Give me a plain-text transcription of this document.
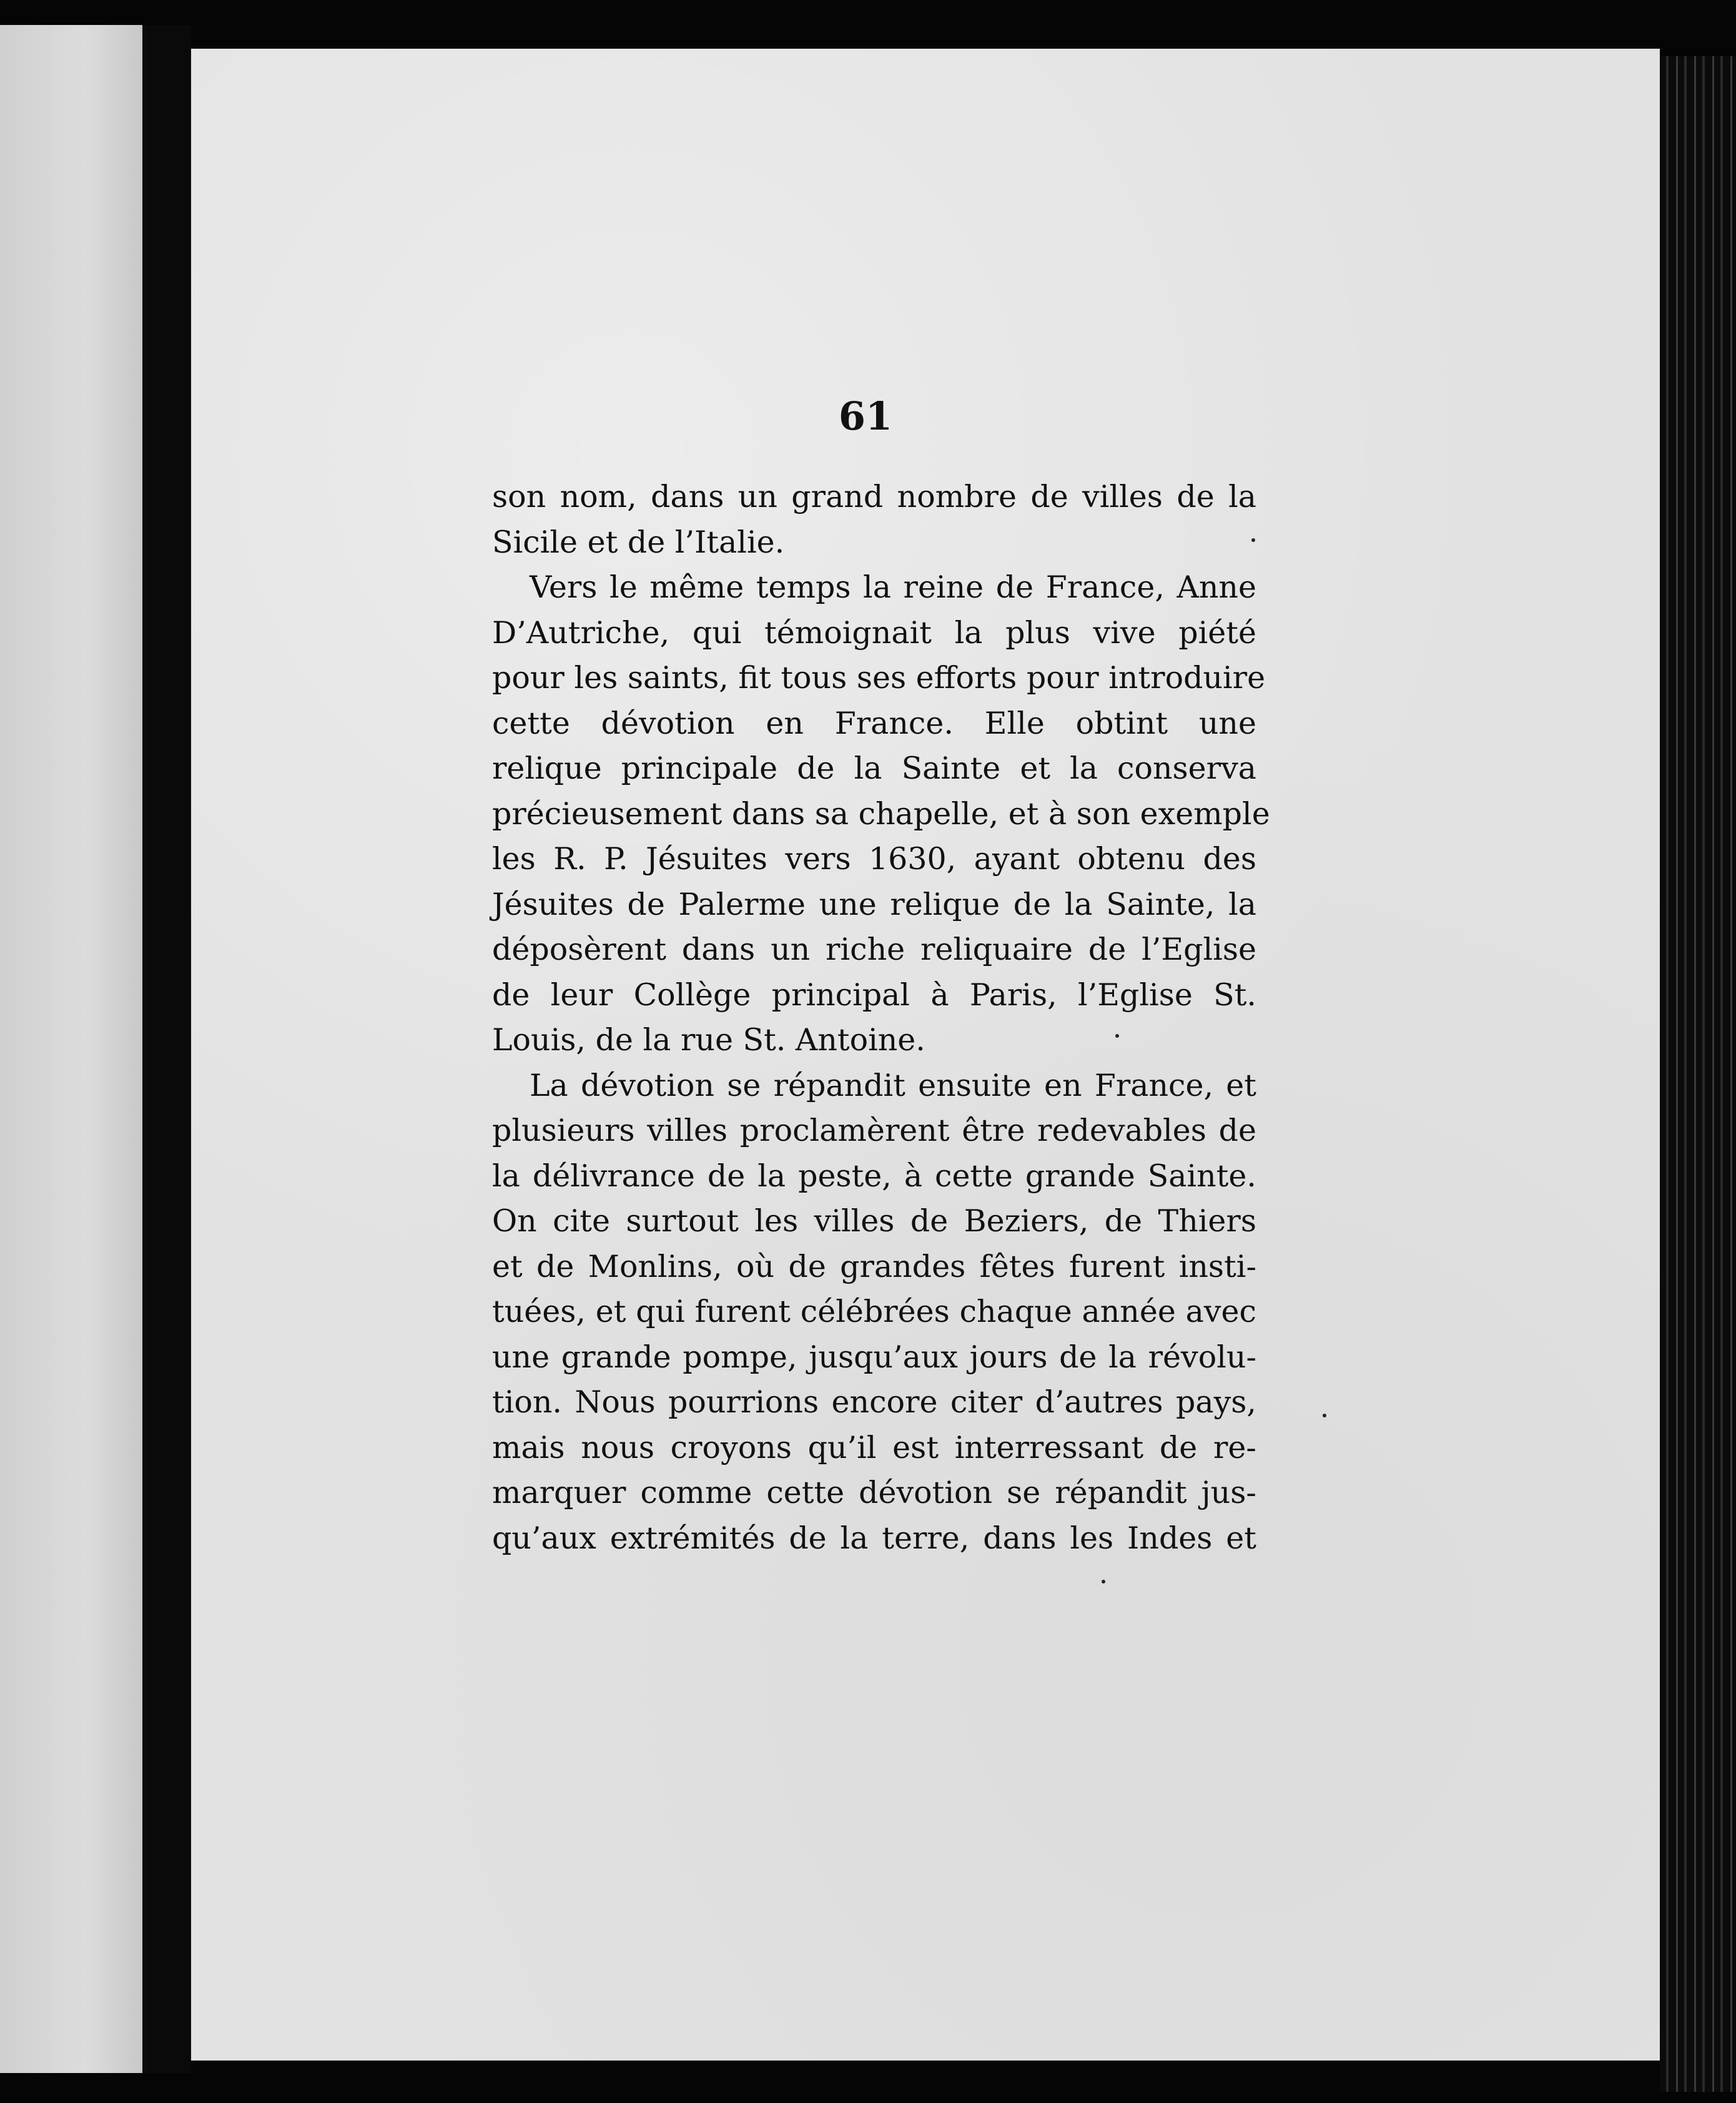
61
son nom, dans un grand nombre de villes de la
Sicile et de l’Italie.
Vers le même temps la reine de France, Anne
D’Autriche, qui témoignait la plus vive piété
pour les saints, fit tous ses efforts pour introduire
cette dévotion en France. Elle obtint une
relique principale de la Sainte et la conserva
précieusement dans sa chapelle, et à son exemple
les R. P. Jésuites vers 1630, ayant obtenu des
Jésuites de Palerme une relique de la Sainte, la
déposèrent dans un riche reliquaire de l’Eglise
de leur Collège principal à Paris, l’Eglise St.
Louis, de la rue St. Antoine.
La dévotion se répandit ensuite en France, et
plusieurs villes proclamèrent être redevables de
la délivrance de la peste, à cette grande Sainte.
On cite surtout les villes de Beziers, de Thiers
et de Monlins, où de grandes fêtes furent insti-
tuées, et qui furent célébrées chaque année avec
une grande pompe, jusqu’aux jours de la révolu-
tion. Nous pourrions encore citer d’autres pays,
mais nous croyons qu’il est interressant de re-
marquer comme cette dévotion se répandit jus-
qu’aux extrémités de la terre, dans les Indes et
